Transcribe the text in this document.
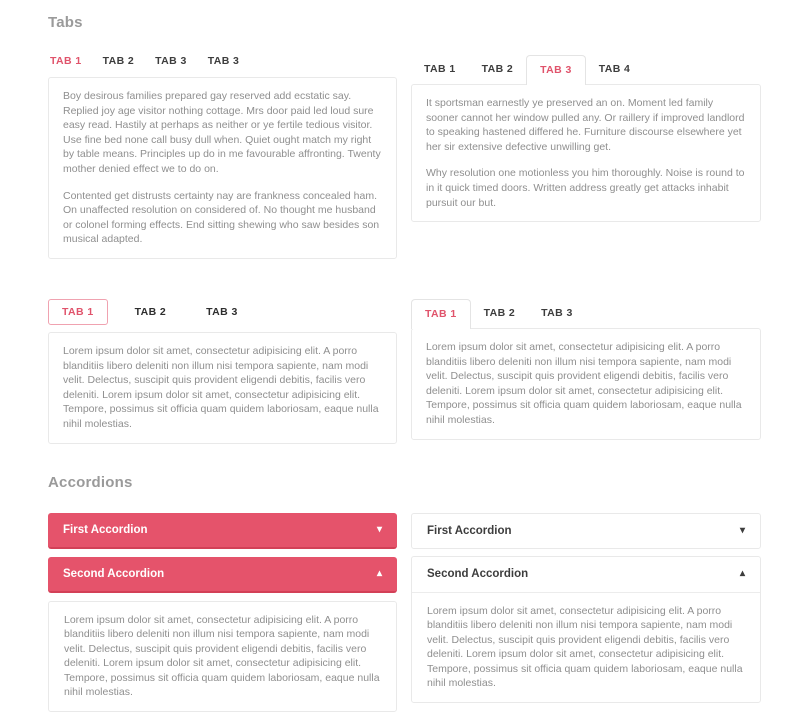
Tabs
TAB 1 TAB 2 TAB 3 TAB 3

Boy desirous families prepared gay reserved add ecstatic say. Replied joy age visitor nothing cottage. Mrs door paid led loud sure easy read. Hastily at perhaps as neither or ye fertile tedious visitor. Use fine bed none call busy dull when. Quiet ought match my right by table means. Principles up do in me favourable affronting. Twenty mother denied effect we to do on.

Contented get distrusts certainty nay are frankness concealed ham. On unaffected resolution on considered of. No thought me husband or colonel forming effects. End sitting shewing who saw besides son musical adapted.

TAB 1	TAB 2	TAB 3	TAB 4

It sportsman earnestly ye preserved an on. Moment led family sooner cannot her window pulled any. Or raillery if improved landlord to speaking hastened differed he. Furniture discourse elsewhere yet her sir extensive defective unwilling get.

Why resolution one motionless you him thoroughly. Noise is round to in it quick timed doors. Written address greatly get attacks inhabit pursuit our but.

TAB 1	TAB 2	TAB 3

Lorem ipsum dolor sit amet, consectetur adipisicing elit. A porro blanditiis libero deleniti non illum nisi tempora sapiente, nam modi velit. Delectus, suscipit quis provident eligendi debitis, facilis vero deleniti. Lorem ipsum dolor sit amet, consectetur adipisicing elit. Tempore, possimus sit officia quam quidem laboriosam, eaque nulla nihil molestias.

TAB 1	TAB 2	TAB 3

Lorem ipsum dolor sit amet, consectetur adipisicing elit. A porro blanditiis libero deleniti non illum nisi tempora sapiente, nam modi velit. Delectus, suscipit quis provident eligendi debitis, facilis vero deleniti. Lorem ipsum dolor sit amet, consectetur adipisicing elit. Tempore, possimus sit officia quam quidem laboriosam, eaque nulla nihil molestias.

Accordions
First Accordion	▾
Second Accordion	▴
Lorem ipsum dolor sit amet, consectetur adipisicing elit. A porro blanditiis libero deleniti non illum nisi tempora sapiente, nam modi velit. Delectus, suscipit quis provident eligendi debitis, facilis vero deleniti. Lorem ipsum dolor sit amet, consectetur adipisicing elit. Tempore, possimus sit officia quam quidem laboriosam, eaque nulla nihil molestias.
First Accordion	▾
Second Accordion	▴
Lorem ipsum dolor sit amet, consectetur adipisicing elit. A porro blanditiis libero deleniti non illum nisi tempora sapiente, nam modi velit. Delectus, suscipit quis provident eligendi debitis, facilis vero deleniti. Lorem ipsum dolor sit amet, consectetur adipisicing elit. Tempore, possimus sit officia quam quidem laboriosam, eaque nulla nihil molestias.
